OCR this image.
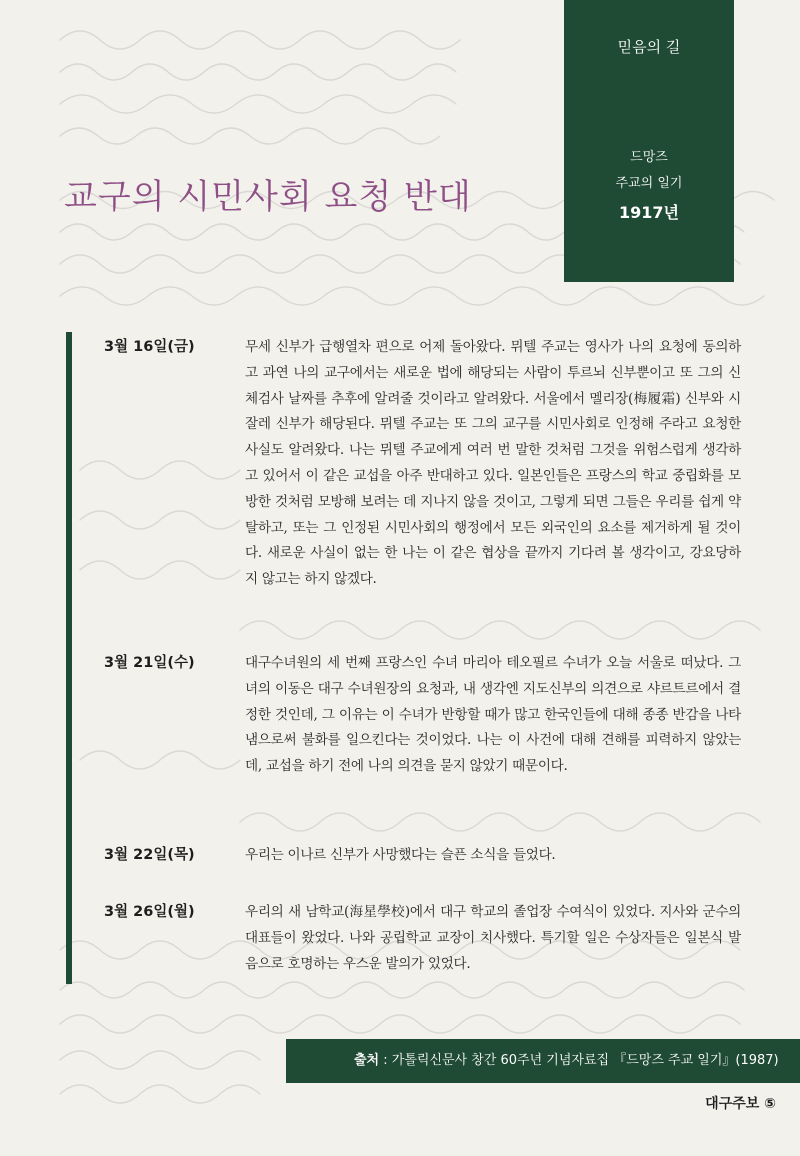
믿음의 길
드망즈
주교의 일기
1917년
교구의 시민사회 요청 반대
3월 16일(금)	무세 신부가 급행열차 편으로 어제 돌아왔다. 뮈텔 주교는 영사가 나의 요청에 동의하고 과연 나의 교구에서는 새로운 법에 해당되는 사람이 투르뇌 신부뿐이고 또 그의 신체검사 날짜를 추후에 알려줄 것이라고 알려왔다. 서울에서 멜리장(梅履霜) 신부와 시잘레 신부가 해당된다. 뮈텔 주교는 또 그의 교구를 시민사회로 인정해 주라고 요청한 사실도 알려왔다. 나는 뮈텔 주교에게 여러 번 말한 것처럼 그것을 위험스럽게 생각하고 있어서 이 같은 교섭을 아주 반대하고 있다. 일본인들은 프랑스의 학교 중립화를 모방한 것처럼 모방해 보려는 데 지나지 않을 것이고, 그렇게 되면 그들은 우리를 쉽게 약탈하고, 또는 그 인정된 시민사회의 행정에서 모든 외국인의 요소를 제거하게 될 것이다. 새로운 사실이 없는 한 나는 이 같은 협상을 끝까지 기다려 볼 생각이고, 강요당하지 않고는 하지 않겠다.

3월 21일(수)	대구수녀원의 세 번째 프랑스인 수녀 마리아 테오필르 수녀가 오늘 서울로 떠났다. 그녀의 이동은 대구 수녀원장의 요청과, 내 생각엔 지도신부의 의견으로 샤르트르에서 결정한 것인데, 그 이유는 이 수녀가 반항할 때가 많고 한국인들에 대해 종종 반감을 나타냄으로써 불화를 일으킨다는 것이었다. 나는 이 사건에 대해 견해를 피력하지 않았는데, 교섭을 하기 전에 나의 의견을 묻지 않았기 때문이다.

3월 22일(목)	우리는 이나르 신부가 사망했다는 슬픈 소식을 들었다.

3월 26일(월)	우리의 새 남학교(海星學校)에서 대구 학교의 졸업장 수여식이 있었다. 지사와 군수의 대표들이 왔었다. 나와 공립학교 교장이 치사했다. 특기할 일은 수상자들은 일본식 발음으로 호명하는 우스운 발의가 있었다.

출처 : 가톨릭신문사 창간 60주년 기념자료집 『드망즈 주교 일기』(1987)
대구주보 ⑤
